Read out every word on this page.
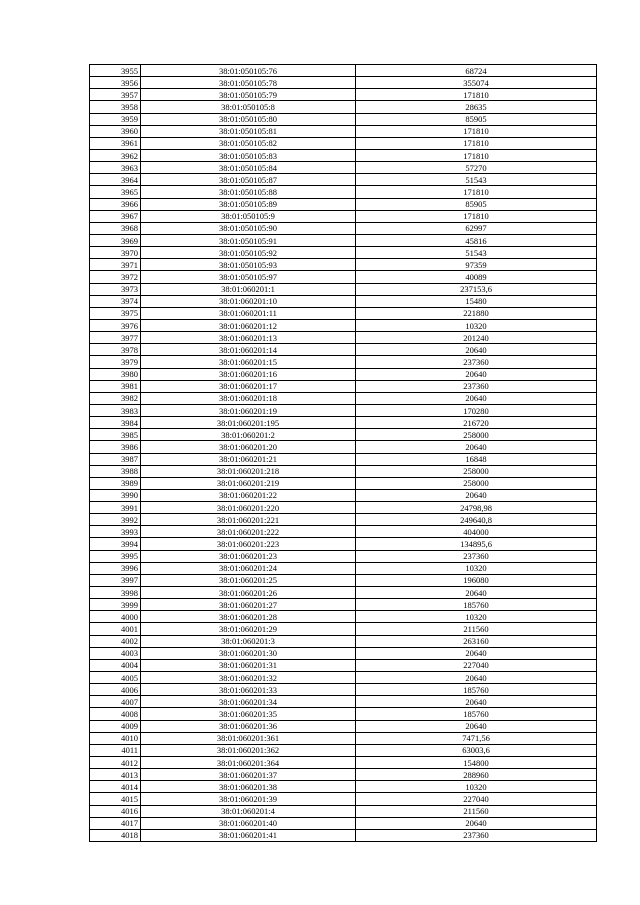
3955	38:01:050105:76	68724
3956	38:01:050105:78	355074
3957	38:01:050105:79	171810
3958	38:01:050105:8	28635
3959	38:01:050105:80	85905
3960	38:01:050105:81	171810
3961	38:01:050105:82	171810
3962	38:01:050105:83	171810
3963	38:01:050105:84	57270
3964	38:01:050105:87	51543
3965	38:01:050105:88	171810
3966	38:01:050105:89	85905
3967	38:01:050105:9	171810
3968	38:01:050105:90	62997
3969	38:01:050105:91	45816
3970	38:01:050105:92	51543
3971	38:01:050105:93	97359
3972	38:01:050105:97	40089
3973	38:01:060201:1	237153,6
3974	38:01:060201:10	15480
3975	38:01:060201:11	221880
3976	38:01:060201:12	10320
3977	38:01:060201:13	201240
3978	38:01:060201:14	20640
3979	38:01:060201:15	237360
3980	38:01:060201:16	20640
3981	38:01:060201:17	237360
3982	38:01:060201:18	20640
3983	38:01:060201:19	170280
3984	38:01:060201:195	216720
3985	38:01:060201:2	258000
3986	38:01:060201:20	20640
3987	38:01:060201:21	16848
3988	38:01:060201:218	258000
3989	38:01:060201:219	258000
3990	38:01:060201:22	20640
3991	38:01:060201:220	24798,98
3992	38:01:060201:221	249640,8
3993	38:01:060201:222	404000
3994	38:01:060201:223	134895,6
3995	38:01:060201:23	237360
3996	38:01:060201:24	10320
3997	38:01:060201:25	196080
3998	38:01:060201:26	20640
3999	38:01:060201:27	185760
4000	38:01:060201:28	10320
4001	38:01:060201:29	211560
4002	38:01:060201:3	263160
4003	38:01:060201:30	20640
4004	38:01:060201:31	227040
4005	38:01:060201:32	20640
4006	38:01:060201:33	185760
4007	38:01:060201:34	20640
4008	38:01:060201:35	185760
4009	38:01:060201:36	20640
4010	38:01:060201:361	7471,56
4011	38:01:060201:362	63003,6
4012	38:01:060201:364	154800
4013	38:01:060201:37	288960
4014	38:01:060201:38	10320
4015	38:01:060201:39	227040
4016	38:01:060201:4	211560
4017	38:01:060201:40	20640
4018	38:01:060201:41	237360
